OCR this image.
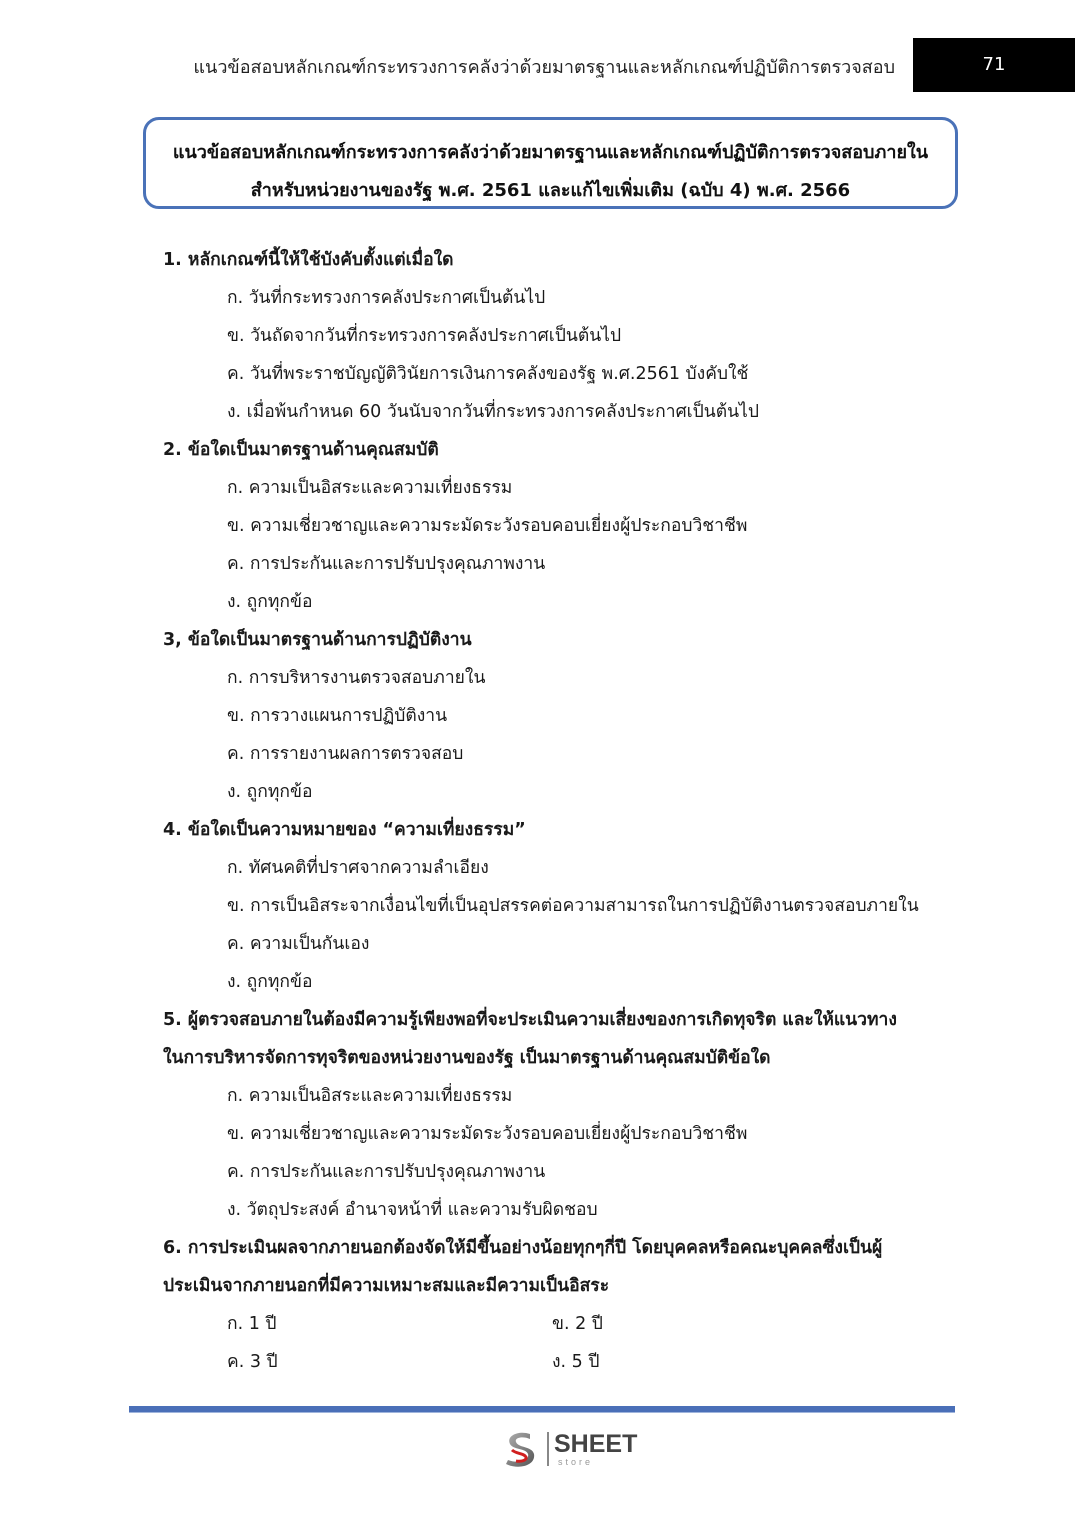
แนวข้อสอบหลักเกณฑ์กระทรวงการคลังว่าด้วยมาตรฐานและหลักเกณฑ์ปฏิบัติการตรวจสอบ	71
แนวข้อสอบหลักเกณฑ์กระทรวงการคลังว่าด้วยมาตรฐานและหลักเกณฑ์ปฏิบัติการตรวจสอบภายใน
สำหรับหน่วยงานของรัฐ พ.ศ. 2561 และแก้ไขเพิ่มเติม (ฉบับ 4) พ.ศ. 2566
1. หลักเกณฑ์นี้ให้ใช้บังคับตั้งแต่เมื่อใด
ก. วันที่กระทรวงการคลังประกาศเป็นต้นไป
ข. วันถัดจากวันที่กระทรวงการคลังประกาศเป็นต้นไป
ค. วันที่พระราชบัญญัติวินัยการเงินการคลังของรัฐ พ.ศ.2561 บังคับใช้
ง. เมื่อพ้นกำหนด 60 วันนับจากวันที่กระทรวงการคลังประกาศเป็นต้นไป
2. ข้อใดเป็นมาตรฐานด้านคุณสมบัติ
ก. ความเป็นอิสระและความเที่ยงธรรม
ข. ความเชี่ยวชาญและความระมัดระวังรอบคอบเยี่ยงผู้ประกอบวิชาชีพ
ค. การประกันและการปรับปรุงคุณภาพงาน
ง. ถูกทุกข้อ
3, ข้อใดเป็นมาตรฐานด้านการปฏิบัติงาน
ก. การบริหารงานตรวจสอบภายใน
ข. การวางแผนการปฏิบัติงาน
ค. การรายงานผลการตรวจสอบ
ง. ถูกทุกข้อ
4. ข้อใดเป็นความหมายของ “ความเที่ยงธรรม”
ก. ทัศนคติที่ปราศจากความลำเอียง
ข. การเป็นอิสระจากเงื่อนไขที่เป็นอุปสรรคต่อความสามารถในการปฏิบัติงานตรวจสอบภายใน
ค. ความเป็นกันเอง
ง. ถูกทุกข้อ
5. ผู้ตรวจสอบภายในต้องมีความรู้เพียงพอที่จะประเมินความเสี่ยงของการเกิดทุจริต และให้แนวทาง
ในการบริหารจัดการทุจริตของหน่วยงานของรัฐ เป็นมาตรฐานด้านคุณสมบัติข้อใด
ก. ความเป็นอิสระและความเที่ยงธรรม
ข. ความเชี่ยวชาญและความระมัดระวังรอบคอบเยี่ยงผู้ประกอบวิชาชีพ
ค. การประกันและการปรับปรุงคุณภาพงาน
ง. วัตถุประสงค์ อำนาจหน้าที่ และความรับผิดชอบ
6. การประเมินผลจากภายนอกต้องจัดให้มีขึ้นอย่างน้อยทุกๆกี่ปี โดยบุคคลหรือคณะบุคคลซึ่งเป็นผู้
ประเมินจากภายนอกที่มีความเหมาะสมและมีความเป็นอิสระ
ก. 1 ปี	ข. 2 ปี
ค. 3 ปี	ง. 5 ปี
SHEET
store
